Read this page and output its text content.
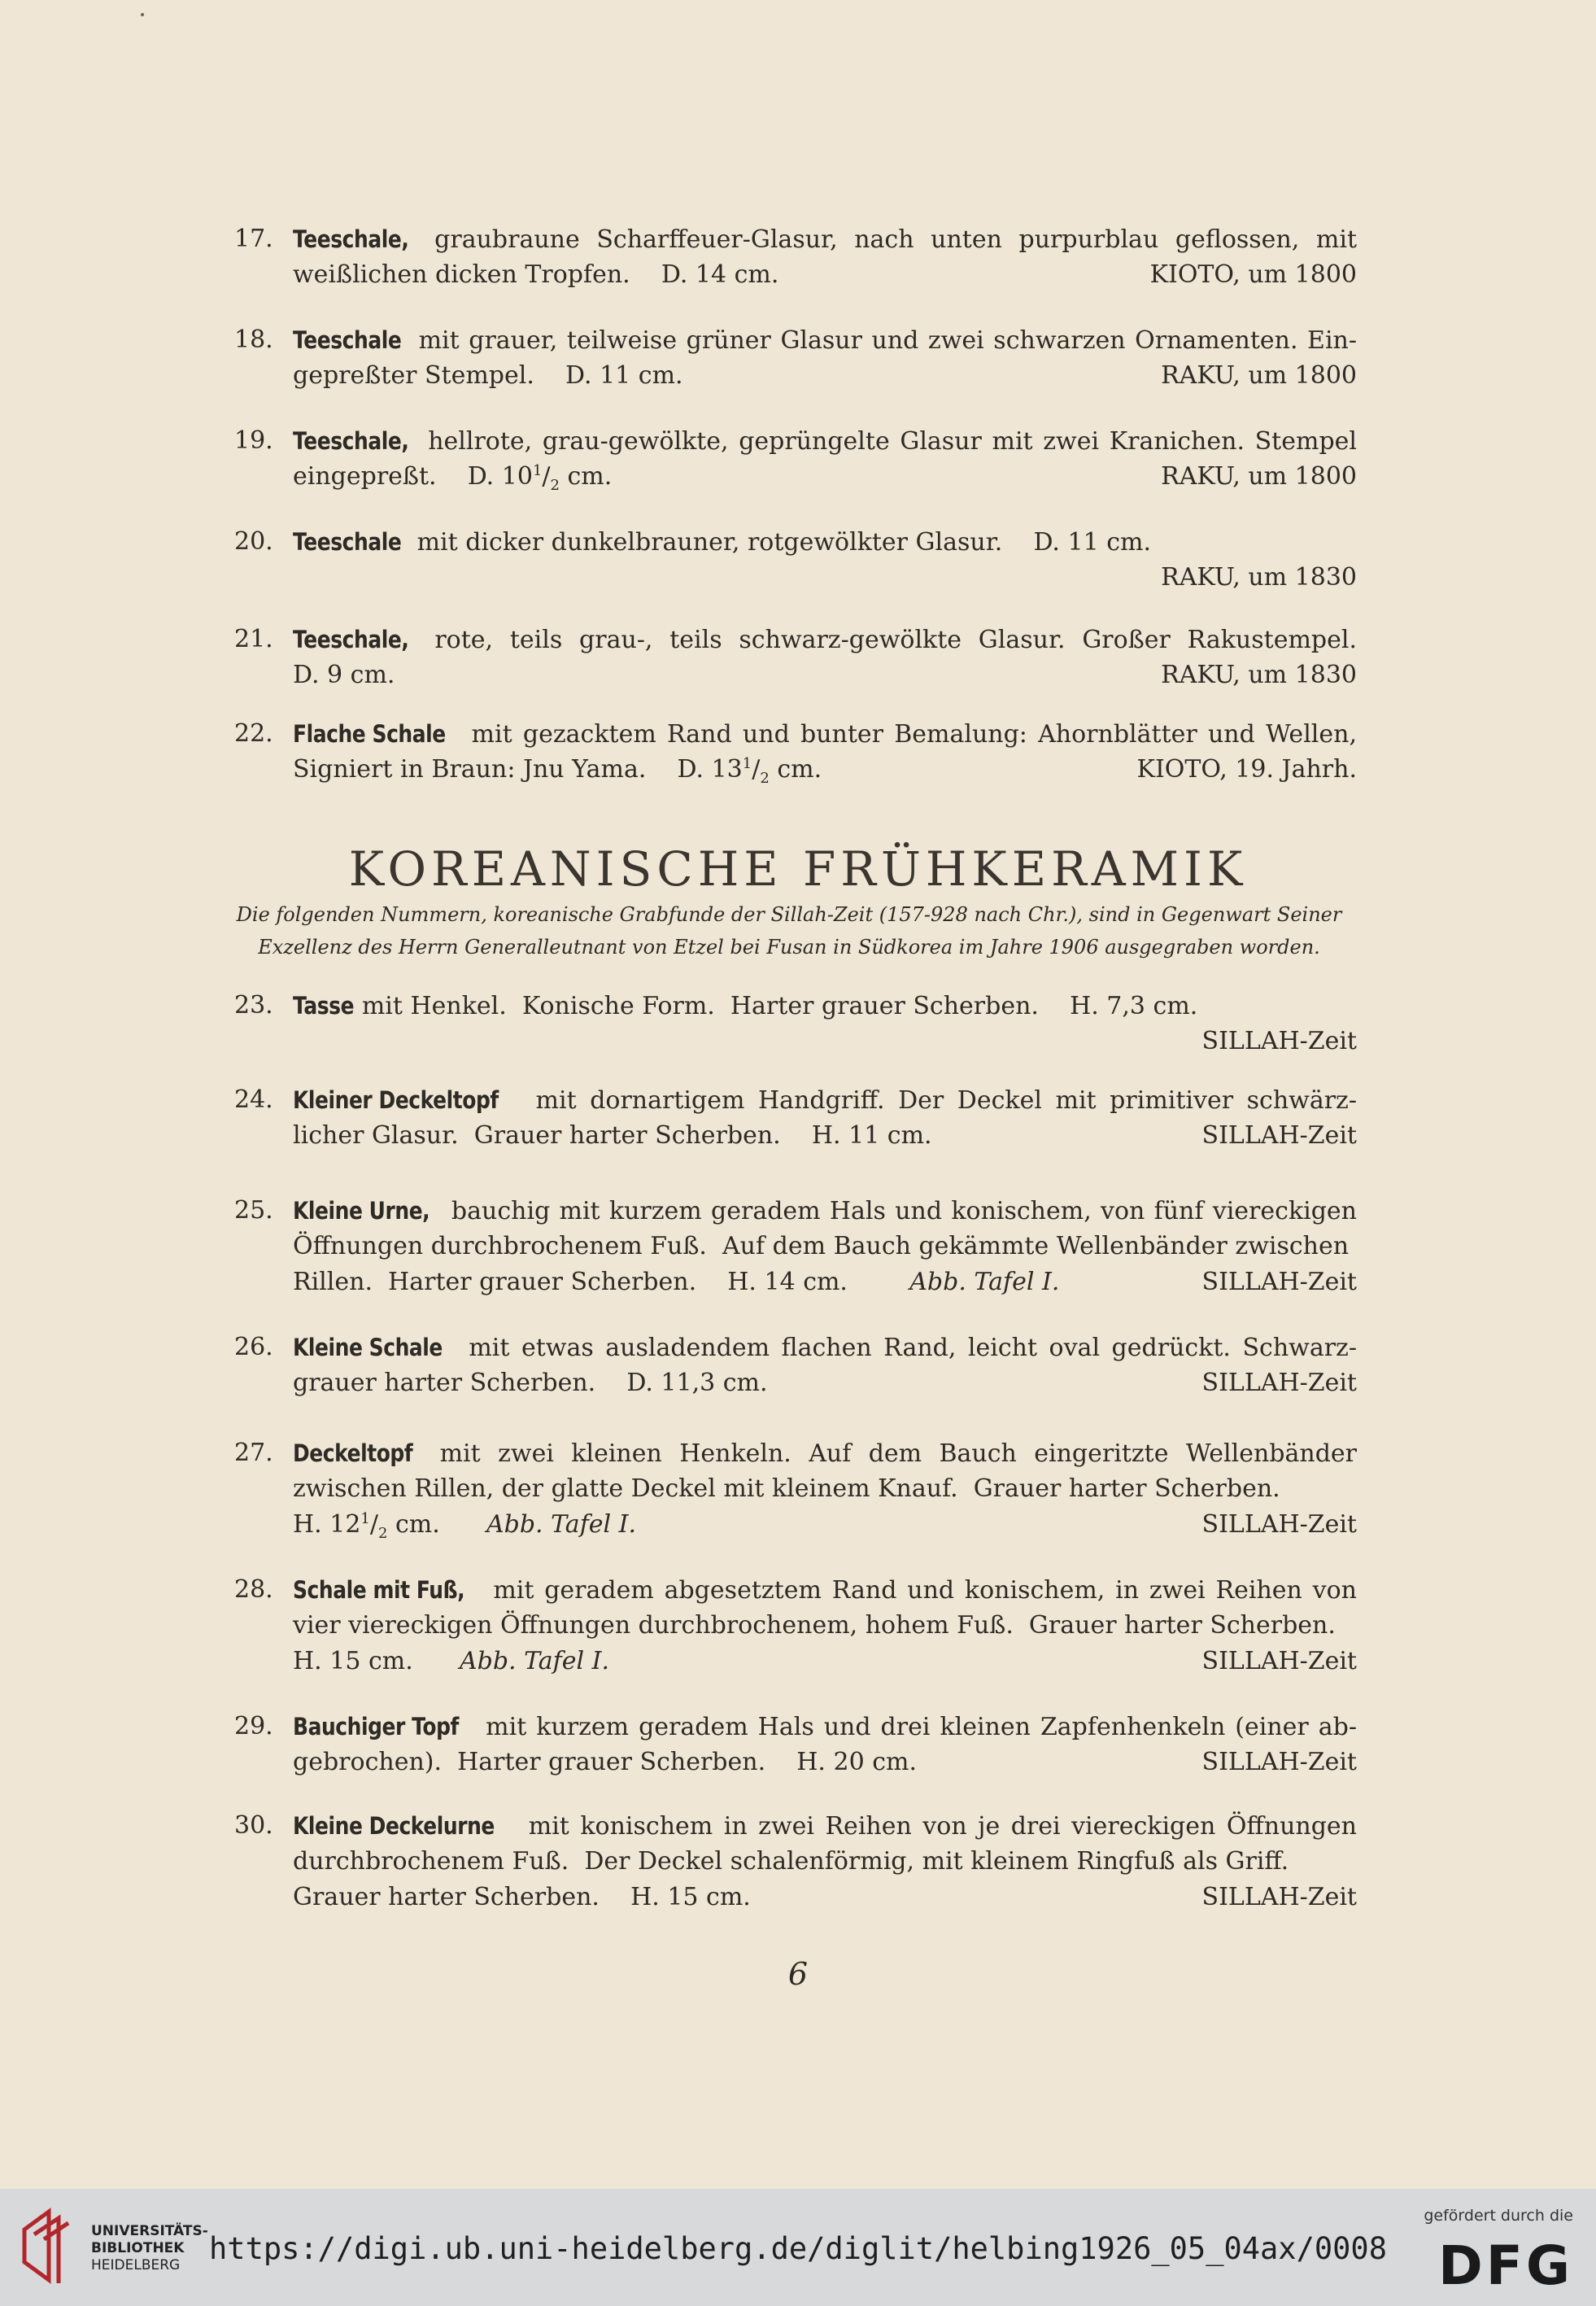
17. Teeschale, graubraune Scharffeuer-Glasur, nach unten purpurblau geflossen, mit
weißlichen dicken Tropfen.    D. 14 cm.	KIOTO, um 1800
18. Teeschale mit grauer, teilweise grüner Glasur und zwei schwarzen Ornamenten. Ein-
gepreßter Stempel.    D. 11 cm.	RAKU, um 1800
19. Teeschale, hellrote, grau-gewölkte, geprüngelte Glasur mit zwei Kranichen. Stempel
eingepreßt.    D. $10^1/_2$ cm.	RAKU, um 1800
20. Teeschale mit dicker dunkelbrauner, rotgewölkter Glasur.    D. 11 cm.
RAKU, um 1830
21. Teeschale, rote, teils grau-, teils schwarz-gewölkte Glasur. Großer Rakustempel.
D. 9 cm.	RAKU, um 1830
22. Flache Schale mit gezacktem Rand und bunter Bemalung: Ahornblätter und Wellen,
Signiert in Braun: Jnu Yama.    D. $13^1/_2$ cm.	KIOTO, 19. Jahrh.
KOREANISCHE FRÜHKERAMIK
Die folgenden Nummern, koreanische Grabfunde der Sillah-Zeit (157-928 nach Chr.), sind in Gegenwart Seiner
Exzellenz des Herrn Generalleutnant von Etzel bei Fusan in Südkorea im Jahre 1906 ausgegraben worden.
23. Tasse mit Henkel.  Konische Form.  Harter grauer Scherben.    H. 7,3 cm.
SILLAH-Zeit
24. Kleiner Deckeltopf mit dornartigem Handgriff. Der Deckel mit primitiver schwärz-
licher Glasur.  Grauer harter Scherben.    H. 11 cm.	SILLAH-Zeit
25. Kleine Urne, bauchig mit kurzem geradem Hals und konischem, von fünf viereckigen
Öffnungen durchbrochenem Fuß.  Auf dem Bauch gekämmte Wellenbänder zwischen
Rillen.  Harter grauer Scherben.    H. 14 cm.        Abb. Tafel I.	SILLAH-Zeit
26. Kleine Schale mit etwas ausladendem flachen Rand, leicht oval gedrückt. Schwarz-
grauer harter Scherben.    D. 11,3 cm.	SILLAH-Zeit
27. Deckeltopf mit zwei kleinen Henkeln. Auf dem Bauch eingeritzte Wellenbänder
zwischen Rillen, der glatte Deckel mit kleinem Knauf.  Grauer harter Scherben.
H. $12^1/_2$ cm.      Abb. Tafel I.	SILLAH-Zeit
28. Schale mit Fuß, mit geradem abgesetztem Rand und konischem, in zwei Reihen von
vier viereckigen Öffnungen durchbrochenem, hohem Fuß.  Grauer harter Scherben.
H. 15 cm.      Abb. Tafel I.	SILLAH-Zeit
29. Bauchiger Topf mit kurzem geradem Hals und drei kleinen Zapfenhenkeln (einer ab-
gebrochen).  Harter grauer Scherben.    H. 20 cm.	SILLAH-Zeit
30. Kleine Deckelurne mit konischem in zwei Reihen von je drei viereckigen Öffnungen
durchbrochenem Fuß.  Der Deckel schalenförmig, mit kleinem Ringfuß als Griff.
Grauer harter Scherben.    H. 15 cm.	SILLAH-Zeit
6
UNIVERSITÄTS-
BIBLIOTHEK
HEIDELBERG https://digi.ub.uni-heidelberg.de/diglit/helbing1926_05_04ax/0008
gefördert durch die
DFG
